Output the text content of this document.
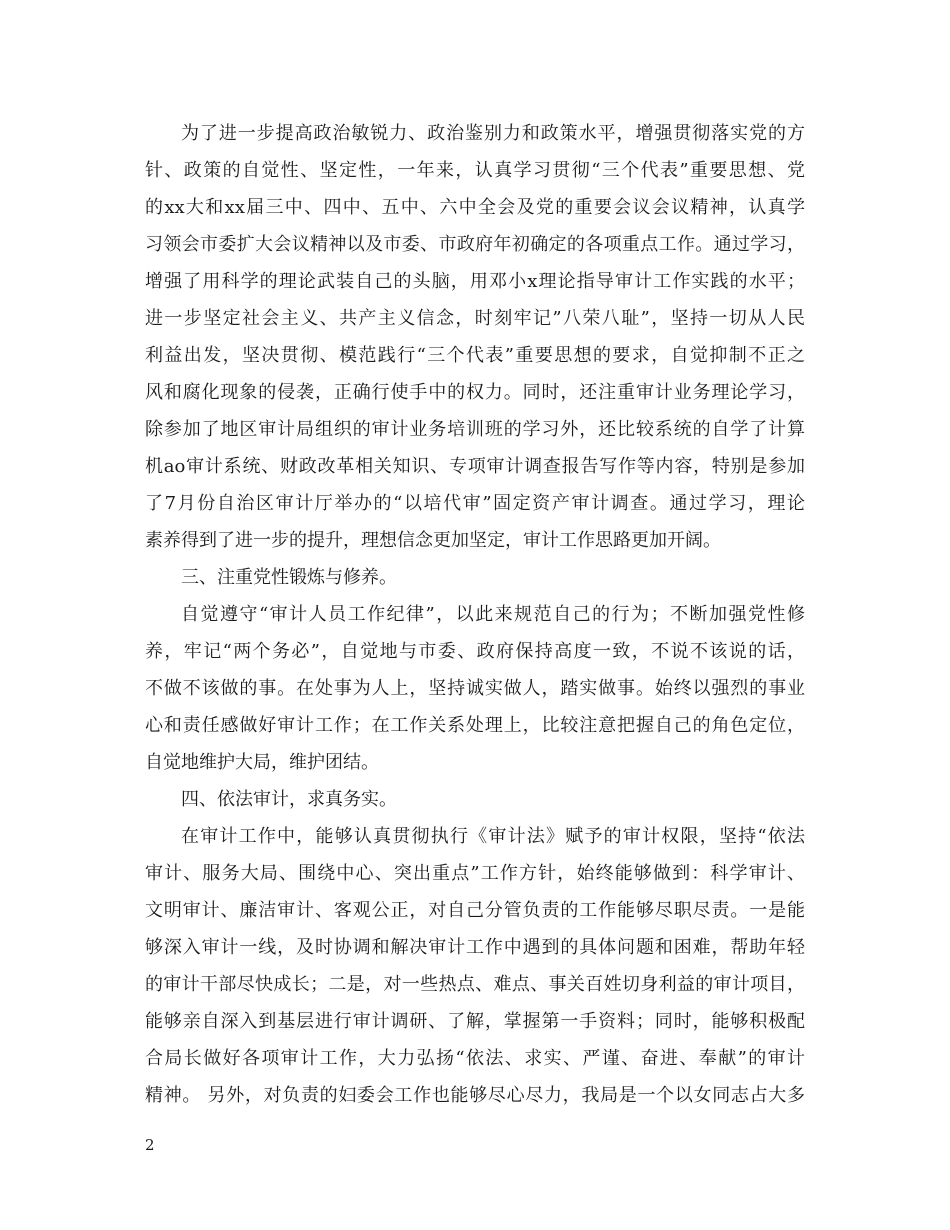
为了进一步提高政治敏锐力、政治鉴别力和政策水平，增强贯彻落实党的方
针、政策的自觉性、坚定性，一年来，认真学习贯彻“三个代表”重要思想、党
的xx大和xx届三中、四中、五中、六中全会及党的重要会议会议精神，认真学
习领会市委扩大会议精神以及市委、市政府年初确定的各项重点工作。通过学习，
增强了用科学的理论武装自己的头脑，用邓小x理论指导审计工作实践的水平；
进一步坚定社会主义、共产主义信念，时刻牢记”八荣八耻”，坚持一切从人民
利益出发，坚决贯彻、模范践行“三个代表”重要思想的要求，自觉抑制不正之
风和腐化现象的侵袭，正确行使手中的权力。同时，还注重审计业务理论学习，
除参加了地区审计局组织的审计业务培训班的学习外，还比较系统的自学了计算
机ao审计系统、财政改革相关知识、专项审计调查报告写作等内容，特别是参加
了7月份自治区审计厅举办的“以培代审”固定资产审计调查。通过学习，理论
素养得到了进一步的提升，理想信念更加坚定，审计工作思路更加开阔。
三、注重党性锻炼与修养。
自觉遵守“审计人员工作纪律”，以此来规范自己的行为；不断加强党性修
养，牢记“两个务必”，自觉地与市委、政府保持高度一致，不说不该说的话，
不做不该做的事。在处事为人上，坚持诚实做人，踏实做事。始终以强烈的事业
心和责任感做好审计工作；在工作关系处理上，比较注意把握自己的角色定位，
自觉地维护大局，维护团结。
四、依法审计，求真务实。
在审计工作中，能够认真贯彻执行《审计法》赋予的审计权限，坚持“依法
审计、服务大局、围绕中心、突出重点”工作方针，始终能够做到：科学审计、
文明审计、廉洁审计、客观公正，对自己分管负责的工作能够尽职尽责。一是能
够深入审计一线，及时协调和解决审计工作中遇到的具体问题和困难，帮助年轻
的审计干部尽快成长；二是，对一些热点、难点、事关百姓切身利益的审计项目，
能够亲自深入到基层进行审计调研、了解，掌握第一手资料；同时，能够积极配
合局长做好各项审计工作，大力弘扬“依法、求实、严谨、奋进、奉献”的审计
精神。 另外，对负责的妇委会工作也能够尽心尽力，我局是一个以女同志占大多
2
